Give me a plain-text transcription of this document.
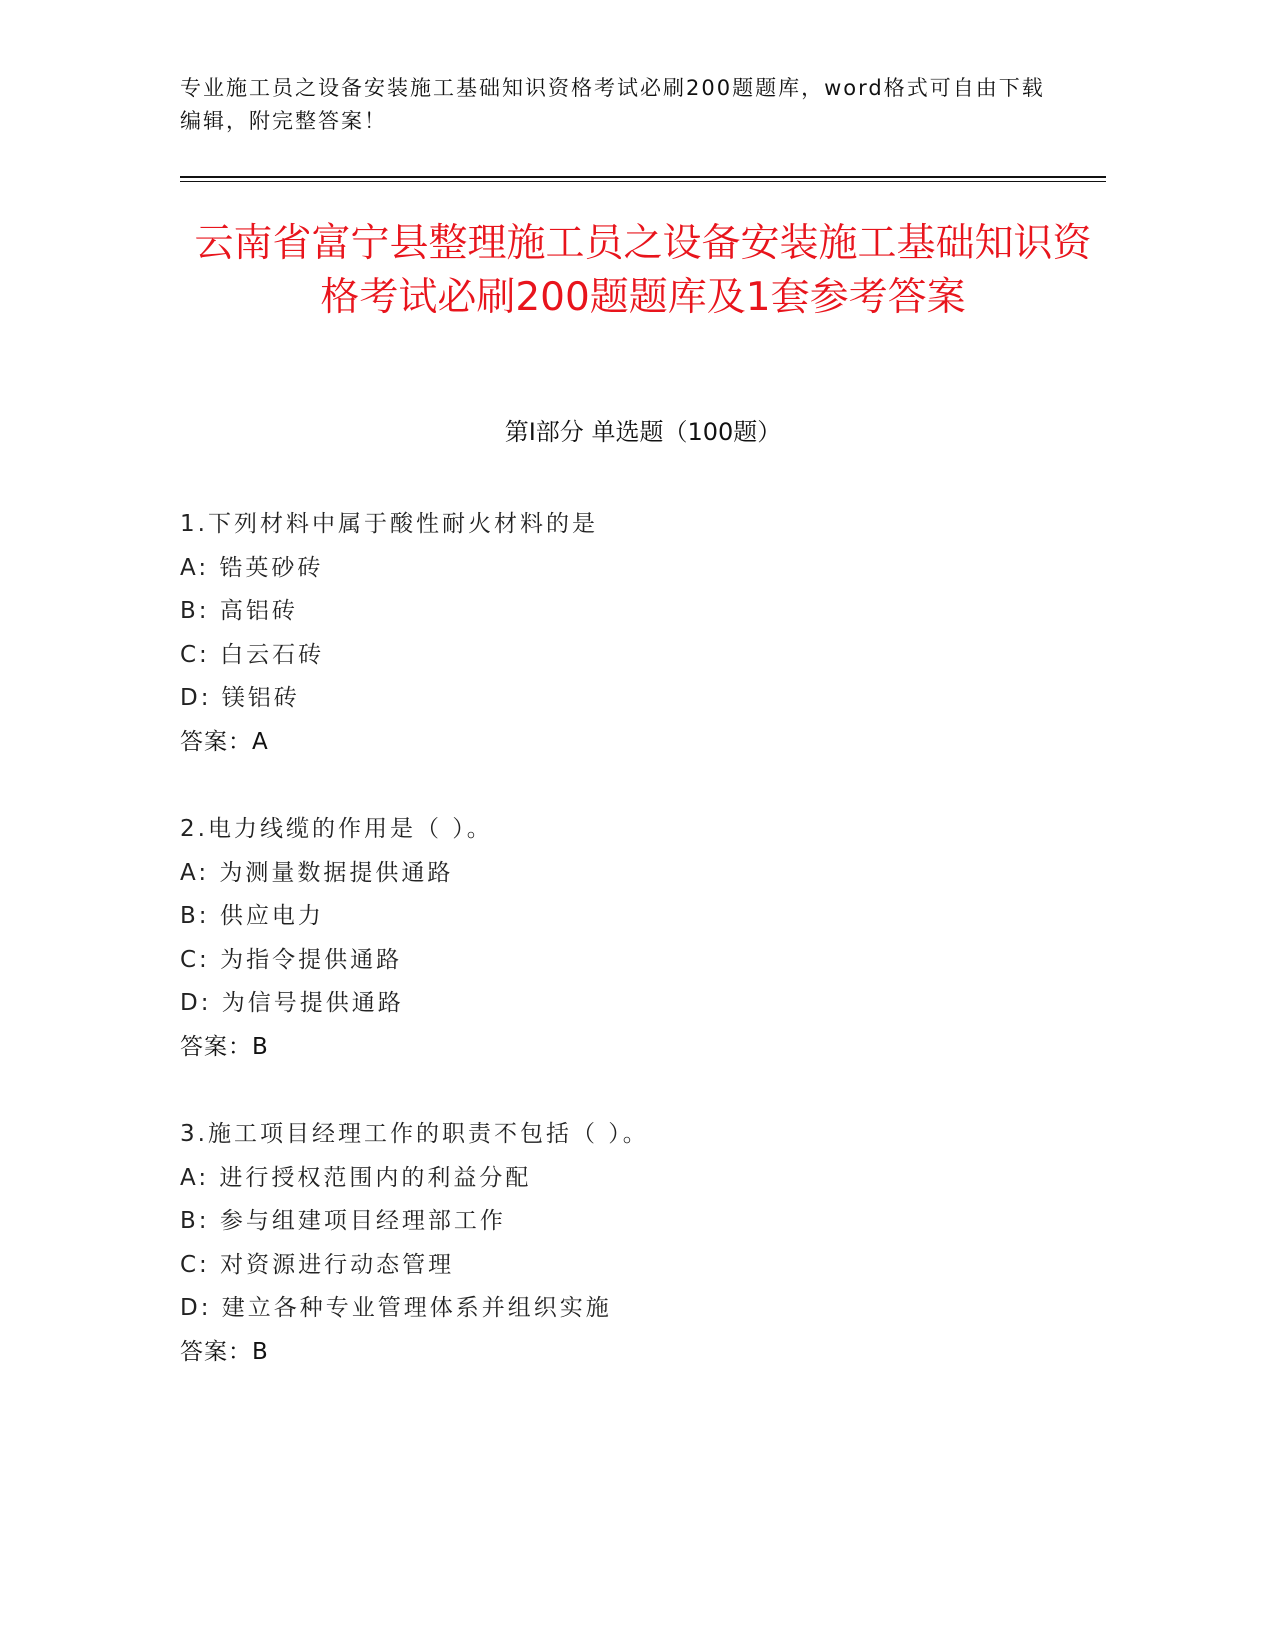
专业施工员之设备安装施工基础知识资格考试必刷200题题库，word格式可自由下载编辑，附完整答案！
云南省富宁县整理施工员之设备安装施工基础知识资格考试必刷200题题库及1套参考答案
第Ⅰ部分 单选题（100题）
1.下列材料中属于酸性耐火材料的是
A: 锆英砂砖
B: 高铝砖
C: 白云石砖
D: 镁铝砖
答案：A
2.电力线缆的作用是（ ）。
A: 为测量数据提供通路
B: 供应电力
C: 为指令提供通路
D: 为信号提供通路
答案：B
3.施工项目经理工作的职责不包括（ ）。
A: 进行授权范围内的利益分配
B: 参与组建项目经理部工作
C: 对资源进行动态管理
D: 建立各种专业管理体系并组织实施
答案：B
